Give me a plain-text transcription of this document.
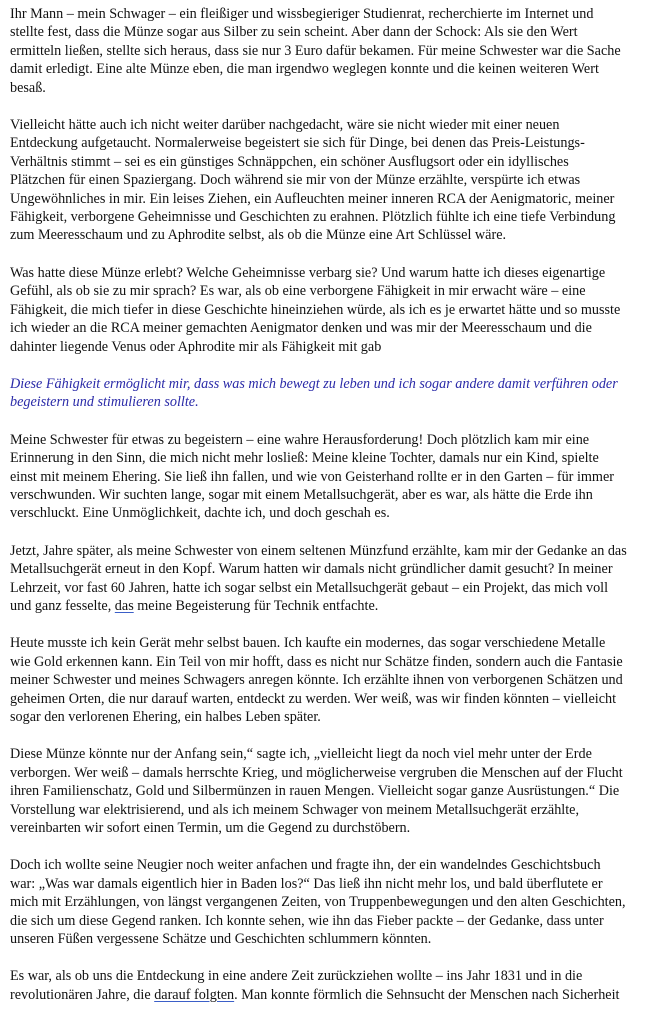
Ihr Mann – mein Schwager – ein fleißiger und wissbegieriger Studienrat, recherchierte im Internet und
stellte fest, dass die Münze sogar aus Silber zu sein scheint. Aber dann der Schock: Als sie den Wert
ermitteln ließen, stellte sich heraus, dass sie nur 3 Euro dafür bekamen. Für meine Schwester war die Sache
damit erledigt. Eine alte Münze eben, die man irgendwo weglegen konnte und die keinen weiteren Wert
besaß.

Vielleicht hätte auch ich nicht weiter darüber nachgedacht, wäre sie nicht wieder mit einer neuen
Entdeckung aufgetaucht. Normalerweise begeistert sie sich für Dinge, bei denen das Preis-Leistungs-
Verhältnis stimmt – sei es ein günstiges Schnäppchen, ein schöner Ausflugsort oder ein idyllisches
Plätzchen für einen Spaziergang. Doch während sie mir von der Münze erzählte, verspürte ich etwas
Ungewöhnliches in mir. Ein leises Ziehen, ein Aufleuchten meiner inneren RCA der Aenigmatoric, meiner
Fähigkeit, verborgene Geheimnisse und Geschichten zu erahnen. Plötzlich fühlte ich eine tiefe Verbindung
zum Meeresschaum und zu Aphrodite selbst, als ob die Münze eine Art Schlüssel wäre.

Was hatte diese Münze erlebt? Welche Geheimnisse verbarg sie? Und warum hatte ich dieses eigenartige
Gefühl, als ob sie zu mir sprach? Es war, als ob eine verborgene Fähigkeit in mir erwacht wäre – eine
Fähigkeit, die mich tiefer in diese Geschichte hineinziehen würde, als ich es je erwartet hätte und so musste
ich wieder an die RCA meiner gemachten Aenigmator denken und was mir der Meeresschaum und die
dahinter liegende Venus oder Aphrodite mir als Fähigkeit mit gab

Diese Fähigkeit ermöglicht mir, dass was mich bewegt zu leben und ich sogar andere damit verführen oder
begeistern und stimulieren sollte.

Meine Schwester für etwas zu begeistern – eine wahre Herausforderung! Doch plötzlich kam mir eine
Erinnerung in den Sinn, die mich nicht mehr losließ: Meine kleine Tochter, damals nur ein Kind, spielte
einst mit meinem Ehering. Sie ließ ihn fallen, und wie von Geisterhand rollte er in den Garten – für immer
verschwunden. Wir suchten lange, sogar mit einem Metallsuchgerät, aber es war, als hätte die Erde ihn
verschluckt. Eine Unmöglichkeit, dachte ich, und doch geschah es.

Jetzt, Jahre später, als meine Schwester von einem seltenen Münzfund erzählte, kam mir der Gedanke an das
Metallsuchgerät erneut in den Kopf. Warum hatten wir damals nicht gründlicher damit gesucht? In meiner
Lehrzeit, vor fast 60 Jahren, hatte ich sogar selbst ein Metallsuchgerät gebaut – ein Projekt, das mich voll
und ganz fesselte, das meine Begeisterung für Technik entfachte.

Heute musste ich kein Gerät mehr selbst bauen. Ich kaufte ein modernes, das sogar verschiedene Metalle
wie Gold erkennen kann. Ein Teil von mir hofft, dass es nicht nur Schätze finden, sondern auch die Fantasie
meiner Schwester und meines Schwagers anregen könnte. Ich erzählte ihnen von verborgenen Schätzen und
geheimen Orten, die nur darauf warten, entdeckt zu werden. Wer weiß, was wir finden könnten – vielleicht
sogar den verlorenen Ehering, ein halbes Leben später.

Diese Münze könnte nur der Anfang sein,“ sagte ich, „vielleicht liegt da noch viel mehr unter der Erde
verborgen. Wer weiß – damals herrschte Krieg, und möglicherweise vergruben die Menschen auf der Flucht
ihren Familienschatz, Gold und Silbermünzen in rauen Mengen. Vielleicht sogar ganze Ausrüstungen.“ Die
Vorstellung war elektrisierend, und als ich meinem Schwager von meinem Metallsuchgerät erzählte,
vereinbarten wir sofort einen Termin, um die Gegend zu durchstöbern.

Doch ich wollte seine Neugier noch weiter anfachen und fragte ihn, der ein wandelndes Geschichtsbuch
war: „Was war damals eigentlich hier in Baden los?“ Das ließ ihn nicht mehr los, und bald überflutete er
mich mit Erzählungen, von längst vergangenen Zeiten, von Truppenbewegungen und den alten Geschichten,
die sich um diese Gegend ranken. Ich konnte sehen, wie ihn das Fieber packte – der Gedanke, dass unter
unseren Füßen vergessene Schätze und Geschichten schlummern könnten.

Es war, als ob uns die Entdeckung in eine andere Zeit zurückziehen wollte – ins Jahr 1831 und in die
revolutionären Jahre, die darauf folgten. Man konnte förmlich die Sehnsucht der Menschen nach Sicherheit
